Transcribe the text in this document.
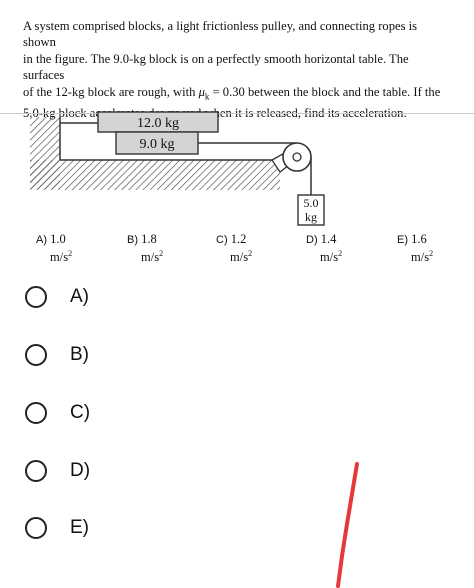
A system comprised blocks, a light frictionless pulley, and connecting ropes is shown
in the figure. The 9.0-kg block is on a perfectly smooth horizontal table. The surfaces
of the 12-kg block are rough, with $\mu_k = 0.30$ between the block and the table. If the
5.0-kg block released, find its acceleration.

12.0 kg
9.0 kg
5.0
kg
A) 1.0
$m/s^2$
B) 1.8
$m/s^2$
C) 1.2
$m/s^2$
D) 1.4
$m/s^2$
E) 1.6
$m/s^2$
A)
B)
C)
D)
E)
